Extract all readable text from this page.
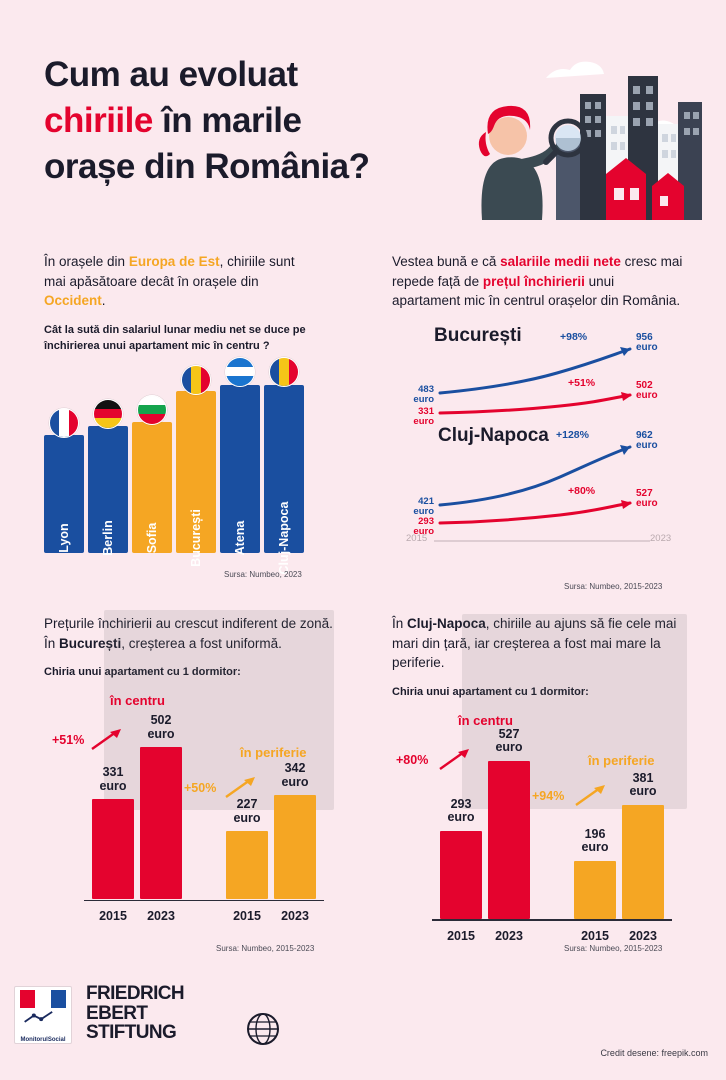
Cum au evoluat
chiriile în marile
orașe din România?
În orașele din Europa de Est, chiriile sunt mai apăsătoare decât în orașele din Occident.
Cât la sută din salariul lunar mediu net se duce pe închirierea unui apartament mic în centru ?
Lyon Berlin Sofia București Atena Cluj-Napoca
Sursa: Numbeo, 2023
Vestea bună e că salariile medii nete cresc mai repede față de prețul închirierii unui apartament mic în centrul orașelor din România.
București
483
euro
331
euro
+98%	956
euro
+51%	502
euro
Cluj-Napoca
421
euro
293
euro
+128%	962
euro
+80%	527
euro
2015	2023
Sursa: Numbeo, 2015-2023
Prețurile închirierii au crescut indiferent de zonă. În București, creșterea a fost uniformă.
Chiria unui apartament cu 1 dormitor:
în centru
+51%
331
euro
2015
502
euro
2023
în periferie
+50%
227
euro
2015
342
euro
2023
Sursa: Numbeo, 2015-2023
În Cluj-Napoca, chiriile au ajuns să fie cele mai mari din țară, iar creșterea a fost mai mare la periferie.
Chiria unui apartament cu 1 dormitor:
în centru
+80%
293
euro
2015
527
euro
2023
în periferie
+94%
196
euro
2015
381
euro
2023
Sursa: Numbeo, 2015-2023
MonitorulSocial
FRIEDRICH
EBERT
STIFTUNG
Credit desene: freepik.com
